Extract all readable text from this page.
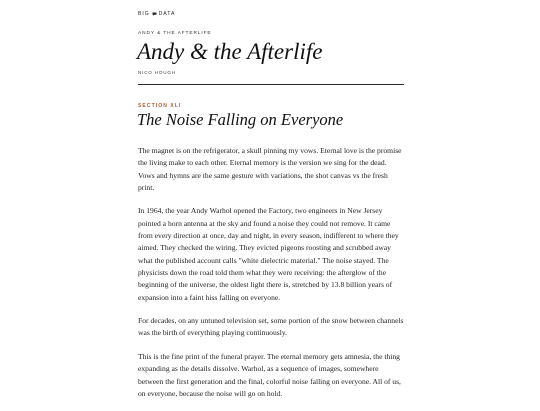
BIG DATA
ANDY & THE AFTERLIFE
Andy & the Afterlife
NICO HOUGH
SECTION XLI
The Noise Falling on Everyone

The magnet is on the refrigerator, a skull pinning my vows. Eternal love is the promise the living make to each other. Eternal memory is the version we sing for the dead. Vows and hymns are the same gesture with variations, the shot canvas vs the fresh print.

In 1964, the year Andy Warhol opened the Factory, two engineers in New Jersey pointed a horn antenna at the sky and found a noise they could not remove. It came from every direction at once, day and night, in every season, indifferent to where they aimed. They checked the wiring. They evicted pigeons roosting and scrubbed away what the published account calls "white dielectric material." The noise stayed. The physicists down the road told them what they were receiving: the afterglow of the beginning of the universe, the oldest light there is, stretched by 13.8 billion years of expansion into a faint hiss falling on everyone.

For decades, on any untuned television set, some portion of the snow between channels was the birth of everything playing continuously.

This is the fine print of the funeral prayer. The eternal memory gets amnesia, the thing expanding as the details dissolve. Warhol, as a sequence of images, somewhere between the first generation and the final, colorful noise falling on everyone. All of us, on everyone, because the noise will go on hold.
